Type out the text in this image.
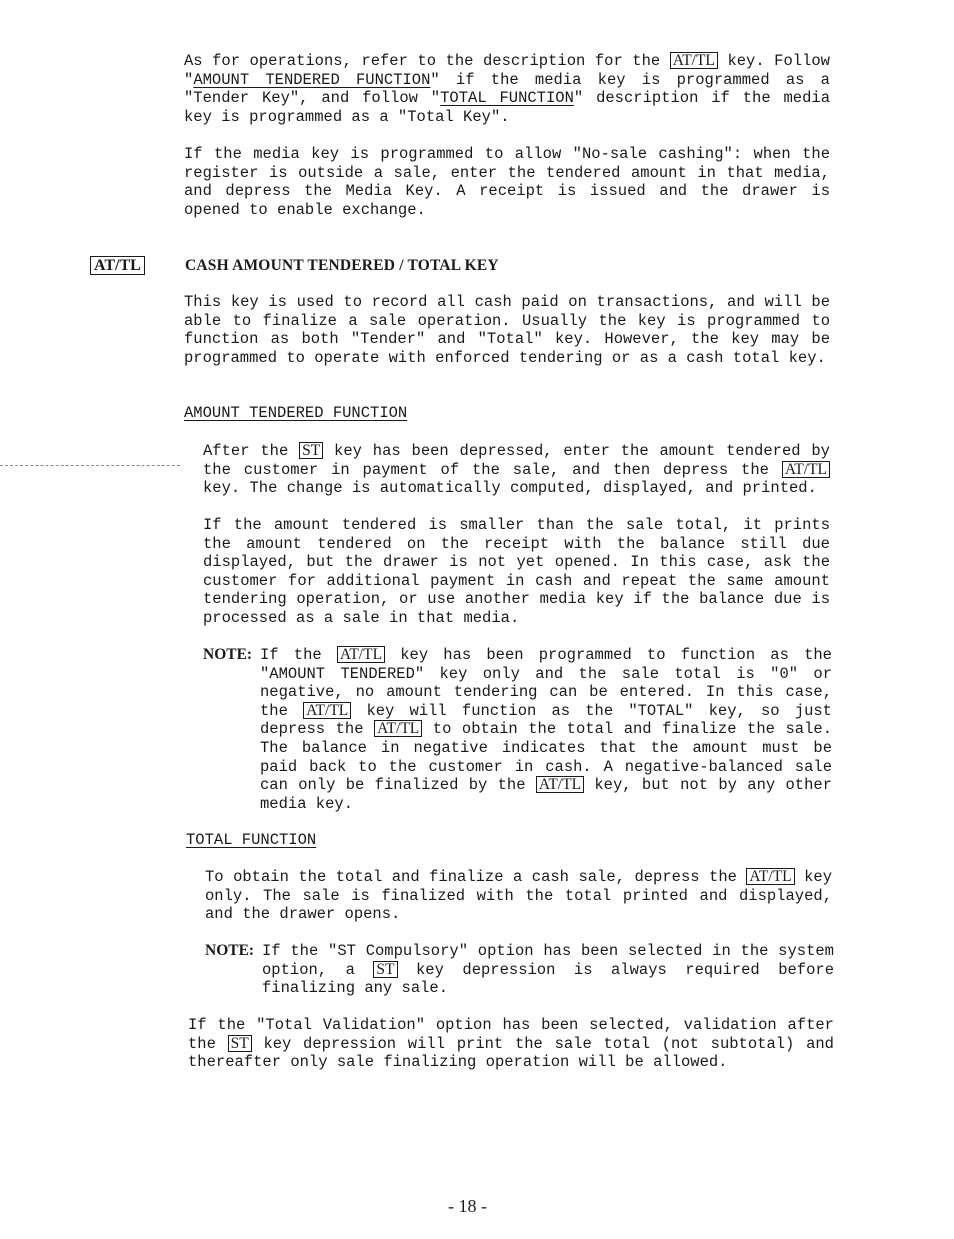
As for operations, refer to the description for the AT/TL key. Follow "AMOUNT TENDERED FUNCTION" if the media key is programmed as a "Tender Key", and follow "TOTAL FUNCTION" description if the media key is programmed as a "Total Key".
If the media key is programmed to allow "No-sale cashing": when the register is outside a sale, enter the tendered amount in that media, and depress the Media Key. A receipt is issued and the drawer is opened to enable exchange.
AT/TL	CASH AMOUNT TENDERED / TOTAL KEY
This key is used to record all cash paid on transactions, and will be able to finalize a sale operation. Usually the key is programmed to function as both "Tender" and "Total" key. However, the key may be programmed to operate with enforced tendering or as a cash total key.
AMOUNT TENDERED FUNCTION
After the ST key has been depressed, enter the amount tendered by the customer in payment of the sale, and then depress the AT/TL key. The change is automatically computed, displayed, and printed.
If the amount tendered is smaller than the sale total, it prints the amount tendered on the receipt with the balance still due displayed, but the drawer is not yet opened. In this case, ask the customer for additional payment in cash and repeat the same amount tendering operation, or use another media key if the balance due is processed as a sale in that media.
NOTE: If the AT/TL key has been programmed to function as the "AMOUNT TENDERED" key only and the sale total is "0" or negative, no amount tendering can be entered. In this case, the AT/TL key will function as the "TOTAL" key, so just depress the AT/TL to obtain the total and finalize the sale. The balance in negative indicates that the amount must be paid back to the customer in cash. A negative-balanced sale can only be finalized by the AT/TL key, but not by any other media key.
TOTAL FUNCTION
To obtain the total and finalize a cash sale, depress the AT/TL key only. The sale is finalized with the total printed and displayed, and the drawer opens.
NOTE: If the "ST Compulsory" option has been selected in the system option, a ST key depression is always required before finalizing any sale.
If the "Total Validation" option has been selected, validation after the ST key depression will print the sale total (not subtotal) and thereafter only sale finalizing operation will be allowed.
- 18 -
